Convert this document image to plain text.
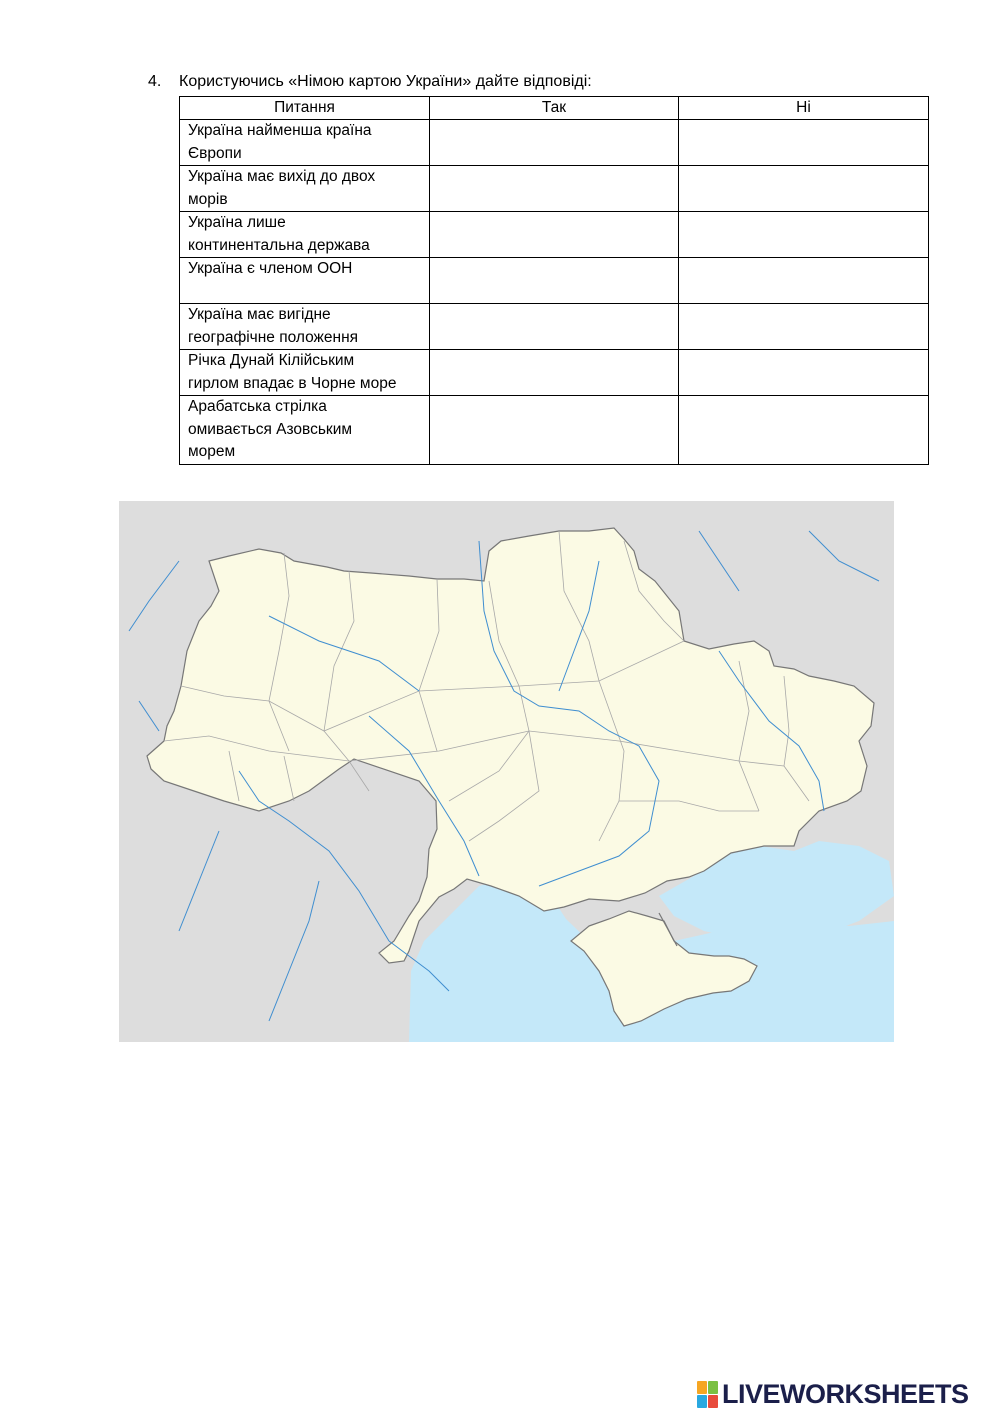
4. Користуючись «Німою картою України» дайте відповіді:
Питання	Так	Ні

Україна найменша країна
Європи		

Україна має вихід до двох
морів		

Україна лише
континентальна держава		

Україна є членом ООН		

Україна має вигідне
географічне положення		

Річка Дунай Кілійським
гирлом впадає в Чорне море		

Арабатська стрілка
омивається Азовським
морем		

LIVEWORKSHEETS
